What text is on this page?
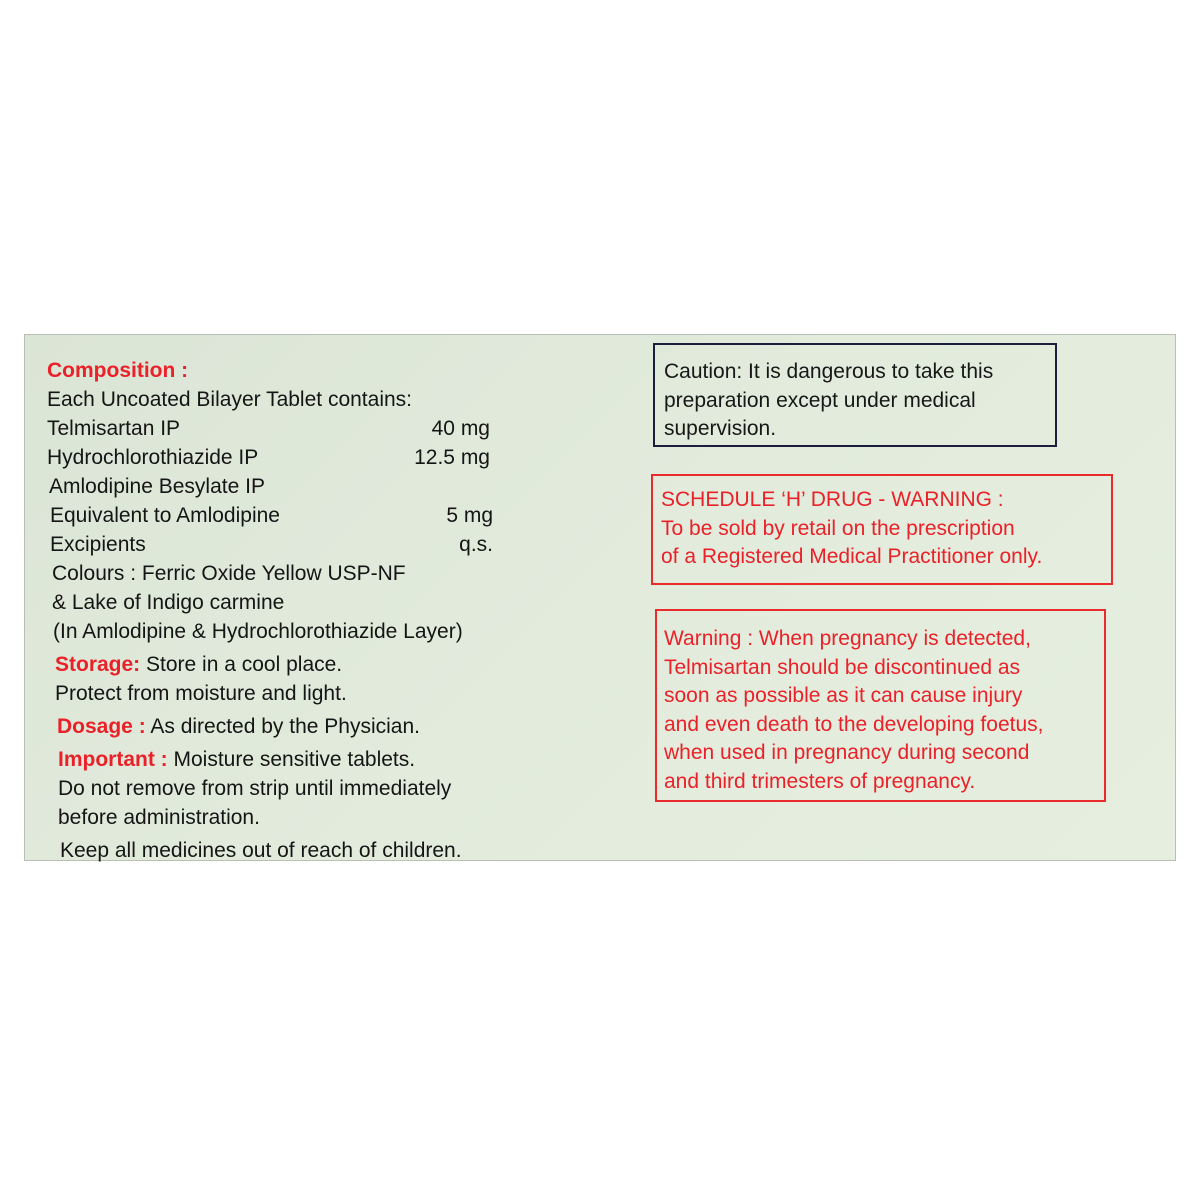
Composition :
Each Uncoated Bilayer Tablet contains:
Telmisartan IP	40 mg
Hydrochlorothiazide IP	12.5 mg
Amlodipine Besylate IP
Equivalent to Amlodipine	5 mg
Excipients	q.s.
Colours : Ferric Oxide Yellow USP-NF
& Lake of Indigo carmine
(In Amlodipine & Hydrochlorothiazide Layer)
Storage: Store in a cool place.
Protect from moisture and light.
Dosage : As directed by the Physician.
Important : Moisture sensitive tablets.
Do not remove from strip until immediately
before administration.
Keep all medicines out of reach of children.
Caution: It is dangerous to take this
preparation except under medical
supervision.
SCHEDULE ‘H’ DRUG - WARNING :
To be sold by retail on the prescription
of a Registered Medical Practitioner only.
Warning : When pregnancy is detected,
Telmisartan should be discontinued as
soon as possible as it can cause injury
and even death to the developing foetus,
when used in pregnancy during second
and third trimesters of pregnancy.
